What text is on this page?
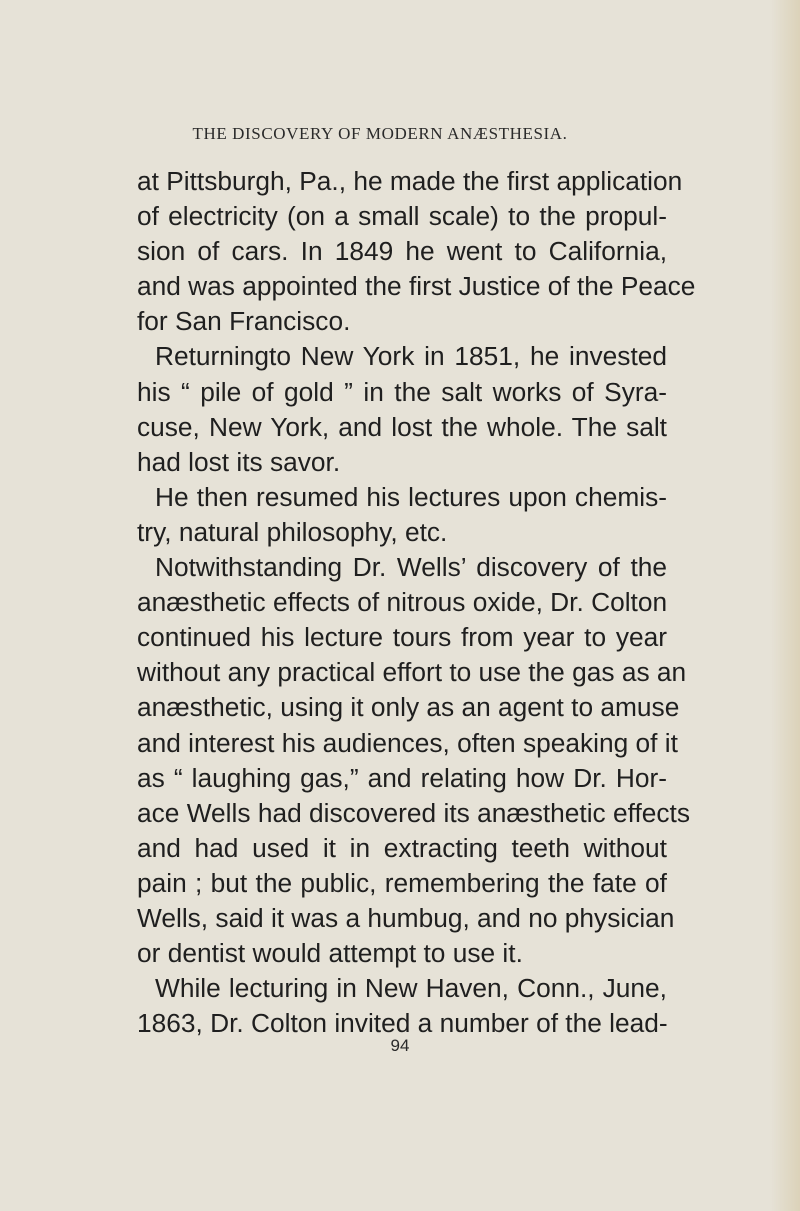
THE DISCOVERY OF MODERN ANÆSTHESIA.
at Pittsburgh, Pa., he made the first application
of electricity (on a small scale) to the propul-
sion of cars. In 1849 he went to California,
and was appointed the first Justice of the Peace
for San Francisco.
Returningto New York in 1851, he invested
his “ pile of gold ” in the salt works of Syra-
cuse, New York, and lost the whole. The salt
had lost its savor.
He then resumed his lectures upon chemis-
try, natural philosophy, etc.
Notwithstanding Dr. Wells’ discovery of the
anæsthetic effects of nitrous oxide, Dr. Colton
continued his lecture tours from year to year
without any practical effort to use the gas as an
anæsthetic, using it only as an agent to amuse
and interest his audiences, often speaking of it
as “ laughing gas,” and relating how Dr. Hor-
ace Wells had discovered its anæsthetic effects
and had used it in extracting teeth without
pain ; but the public, remembering the fate of
Wells, said it was a humbug, and no physician
or dentist would attempt to use it.
While lecturing in New Haven, Conn., June,
1863, Dr. Colton invited a number of the lead-
94
